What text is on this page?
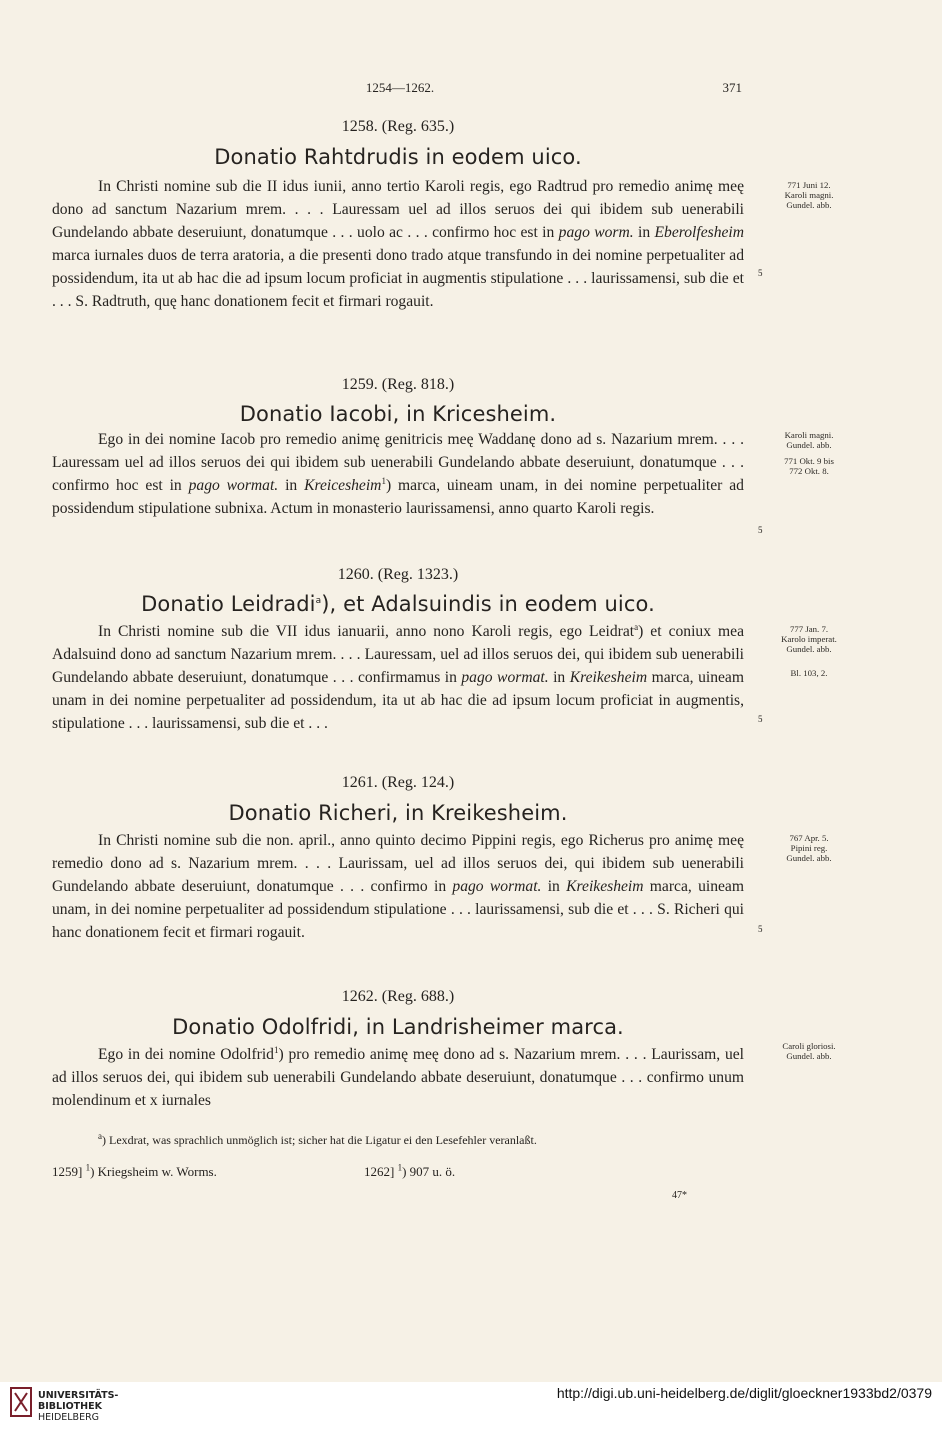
1254—1262.	371
1258. (Reg. 635.)
Donatio Rahtdrudis in eodem uico.

In Christi nomine sub die II idus iunii, anno tertio Karoli regis, ego Radtrud pro remedio animę meę dono ad sanctum Nazarium mrem. . . . Lauressam uel ad illos seruos dei qui ibidem sub uenerabili Gundelando abbate deseruiunt, donatumque . . . uolo ac . . . confirmo hoc est in pago worm. in Eberolfesheim marca iurnales duos de terra aratoria, a die presenti dono trado atque transfundo in dei nomine perpetualiter ad possidendum, ita ut ab hac die ad ipsum locum proficiat in augmentis stipulatione . . . laurissamensi, sub die et . . . S. Radtruth, quę hanc donationem fecit et firmari rogauit.

771 Juni 12.
Karoli magni.
Gundel. abb.
5
1259. (Reg. 818.)
Donatio Iacobi, in Kricesheim.

Ego in dei nomine Iacob pro remedio animę genitricis meę Waddanę dono ad s. Nazarium mrem. . . . Lauressam uel ad illos seruos dei qui ibidem sub uenerabili Gundelando abbate deseruiunt, donatumque . . . confirmo hoc est in pago wormat. in Kreicesheim$^1$) marca, uineam unam, in dei nomine perpetualiter ad possidendum stipulatione subnixa. Actum in monasterio laurissamensi, anno quarto Karoli regis.

Karoli magni.
Gundel. abb.
771 Okt. 9 bis
772 Okt. 8.
5
1260. (Reg. 1323.)
Donatio Leidradi$^a$), et Adalsuindis in eodem uico.

In Christi nomine sub die VII idus ianuarii, anno nono Karoli regis, ego Leidrat$^a$) et coniux mea Adalsuind dono ad sanctum Nazarium mrem. . . . Lauressam, uel ad illos seruos dei, qui ibidem sub uenerabili Gundelando abbate deseruiunt, donatumque . . . confirmamus in pago wormat. in Kreikesheim marca, uineam unam in dei nomine perpetualiter ad possidendum, ita ut ab hac die ad ipsum locum proficiat in augmentis, stipulatione . . . laurissamensi, sub die et . . .

777 Jan. 7.
Karolo imperat.
Gundel. abb.
Bl. 103, 2.
5
1261. (Reg. 124.)
Donatio Richeri, in Kreikesheim.

In Christi nomine sub die non. april., anno quinto decimo Pippini regis, ego Richerus pro animę meę remedio dono ad s. Nazarium mrem. . . . Laurissam, uel ad illos seruos dei, qui ibidem sub uenerabili Gundelando abbate deseruiunt, donatumque . . . confirmo in pago wormat. in Kreikesheim marca, uineam unam, in dei nomine perpetualiter ad possidendum stipulatione . . . laurissamensi, sub die et . . . S. Richeri qui hanc donationem fecit et firmari rogauit.

767 Apr. 5.
Pipini reg.
Gundel. abb.
5
1262. (Reg. 688.)
Donatio Odolfridi, in Landrisheimer marca.

Ego in dei nomine Odolfrid$^1$) pro remedio animę meę dono ad s. Nazarium mrem. . . . Laurissam, uel ad illos seruos dei, qui ibidem sub uenerabili Gundelando abbate deseruiunt, donatumque . . . confirmo unum molendinum et x iurnales

Caroli gloriosi.
Gundel. abb.
$^a$) Lexdrat, was sprachlich unmöglich ist; sicher hat die Ligatur ei den Lesefehler veranlaßt.
1259] $^1$) Kriegsheim w. Worms.	1262] $^1$) 907 u. ö.
47*
UNIVERSITÄTS-
BIBLIOTHEK
HEIDELBERG
http://digi.ub.uni-heidelberg.de/diglit/gloeckner1933bd2/0379
